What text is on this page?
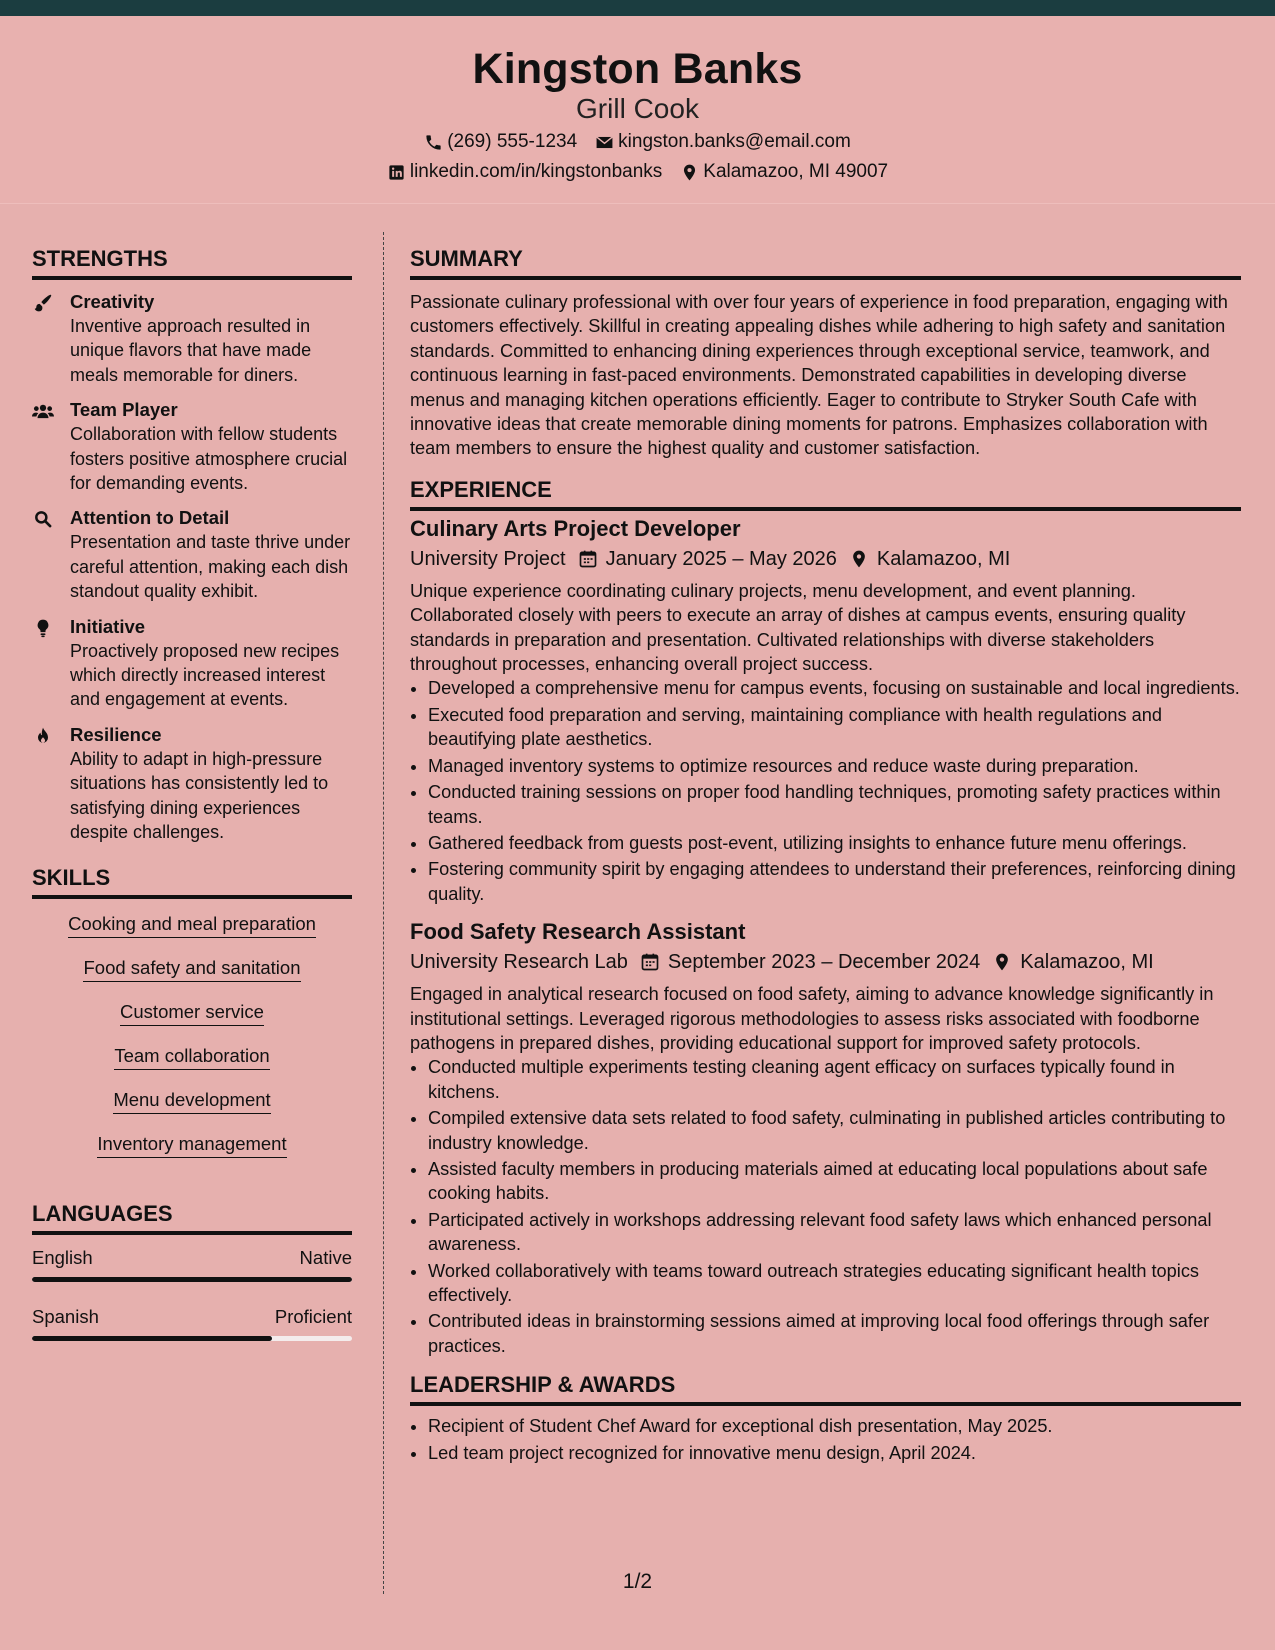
Kingston Banks
Grill Cook
(269) 555-1234 kingston.banks@email.com
linkedin.com/in/kingstonbanks Kalamazoo, MI 49007
STRENGTHS
Creativity
Inventive approach resulted in unique flavors that have made meals memorable for diners.
Team Player
Collaboration with fellow students fosters positive atmosphere crucial for demanding events.
Attention to Detail
Presentation and taste thrive under careful attention, making each dish standout quality exhibit.
Initiative
Proactively proposed new recipes which directly increased interest and engagement at events.
Resilience
Ability to adapt in high-pressure situations has consistently led to satisfying dining experiences despite challenges.
SKILLS
Cooking and meal preparation
Food safety and sanitation
Customer service
Team collaboration
Menu development
Inventory management
LANGUAGES
English	Native
Spanish	Proficient
SUMMARY

Passionate culinary professional with over four years of experience in food preparation, engaging with customers effectively. Skillful in creating appealing dishes while adhering to high safety and sanitation standards. Committed to enhancing dining experiences through exceptional service, teamwork, and continuous learning in fast-paced environments. Demonstrated capabilities in developing diverse menus and managing kitchen operations efficiently. Eager to contribute to Stryker South Cafe with innovative ideas that create memorable dining moments for patrons. Emphasizes collaboration with team members to ensure the highest quality and customer satisfaction.

EXPERIENCE
Culinary Arts Project Developer
University Project January 2025 – May 2026 Kalamazoo, MI

Unique experience coordinating culinary projects, menu development, and event planning. Collaborated closely with peers to execute an array of dishes at campus events, ensuring quality standards in preparation and presentation. Cultivated relationships with diverse stakeholders throughout processes, enhancing overall project success.

• Developed a comprehensive menu for campus events, focusing on sustainable and local ingredients.
• Executed food preparation and serving, maintaining compliance with health regulations and beautifying plate aesthetics.
• Managed inventory systems to optimize resources and reduce waste during preparation.
• Conducted training sessions on proper food handling techniques, promoting safety practices within teams.
• Gathered feedback from guests post-event, utilizing insights to enhance future menu offerings.
• Fostering community spirit by engaging attendees to understand their preferences, reinforcing dining quality.
Food Safety Research Assistant
University Research Lab September 2023 – December 2024 Kalamazoo, MI

Engaged in analytical research focused on food safety, aiming to advance knowledge significantly in institutional settings. Leveraged rigorous methodologies to assess risks associated with foodborne pathogens in prepared dishes, providing educational support for improved safety protocols.

• Conducted multiple experiments testing cleaning agent efficacy on surfaces typically found in kitchens.
• Compiled extensive data sets related to food safety, culminating in published articles contributing to industry knowledge.
• Assisted faculty members in producing materials aimed at educating local populations about safe cooking habits.
• Participated actively in workshops addressing relevant food safety laws which enhanced personal awareness.
• Worked collaboratively with teams toward outreach strategies educating significant health topics effectively.
• Contributed ideas in brainstorming sessions aimed at improving local food offerings through safer practices.
LEADERSHIP & AWARDS
• Recipient of Student Chef Award for exceptional dish presentation, May 2025.
• Led team project recognized for innovative menu design, April 2024.
1/2
